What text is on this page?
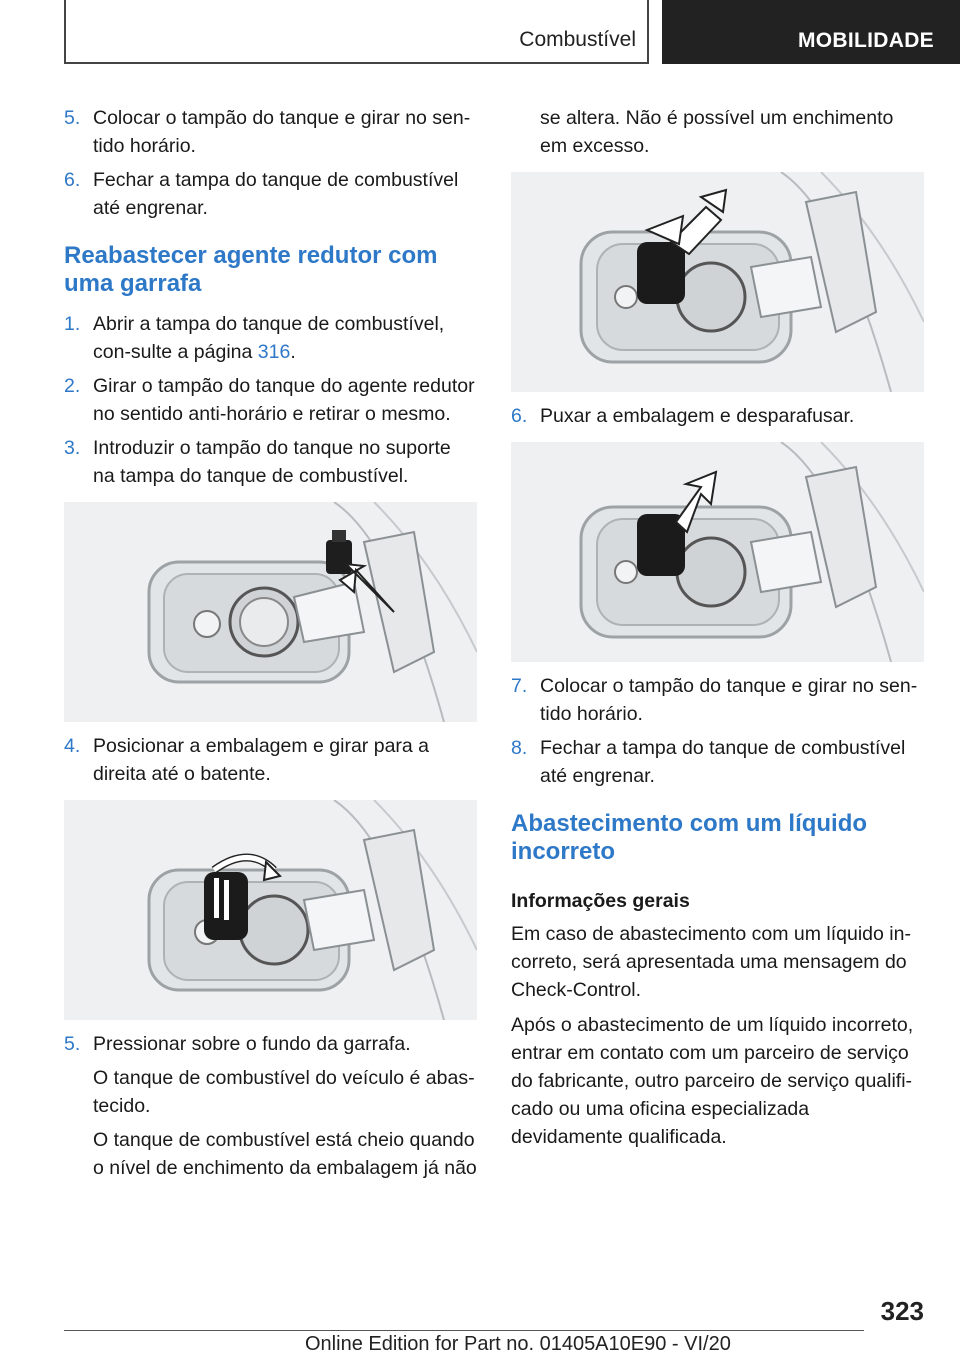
Combustível	MOBILIDADE
5. Colocar o tampão do tanque e girar no sen-tido horário.
6. Fechar a tampa do tanque de combustível até engrenar.
Reabastecer agente redutor com uma garrafa
1. Abrir a tampa do tanque de combustível, con-sulte a página 316.
2. Girar o tampão do tanque do agente redutor no sentido anti-horário e retirar o mesmo.
3. Introduzir o tampão do tanque no suporte na tampa do tanque de combustível.
4. Posicionar a embalagem e girar para a direita até o batente.
5. Pressionar sobre o fundo da garrafa.

O tanque de combustível do veículo é abas-tecido.

O tanque de combustível está cheio quando o nível de enchimento da embalagem já não

se altera. Não é possível um enchimento em excesso.

6. Puxar a embalagem e desparafusar.
7. Colocar o tampão do tanque e girar no sen-tido horário.
8. Fechar a tampa do tanque de combustível até engrenar.
Abastecimento com um líquido incorreto
Informações gerais

Em caso de abastecimento com um líquido in-correto, será apresentada uma mensagem do Check-Control.

Após o abastecimento de um líquido incorreto, entrar em contato com um parceiro de serviço do fabricante, outro parceiro de serviço qualifi-cado ou uma oficina especializada devidamente qualificada.

323
Online Edition for Part no. 01405A10E90 - VI/20
